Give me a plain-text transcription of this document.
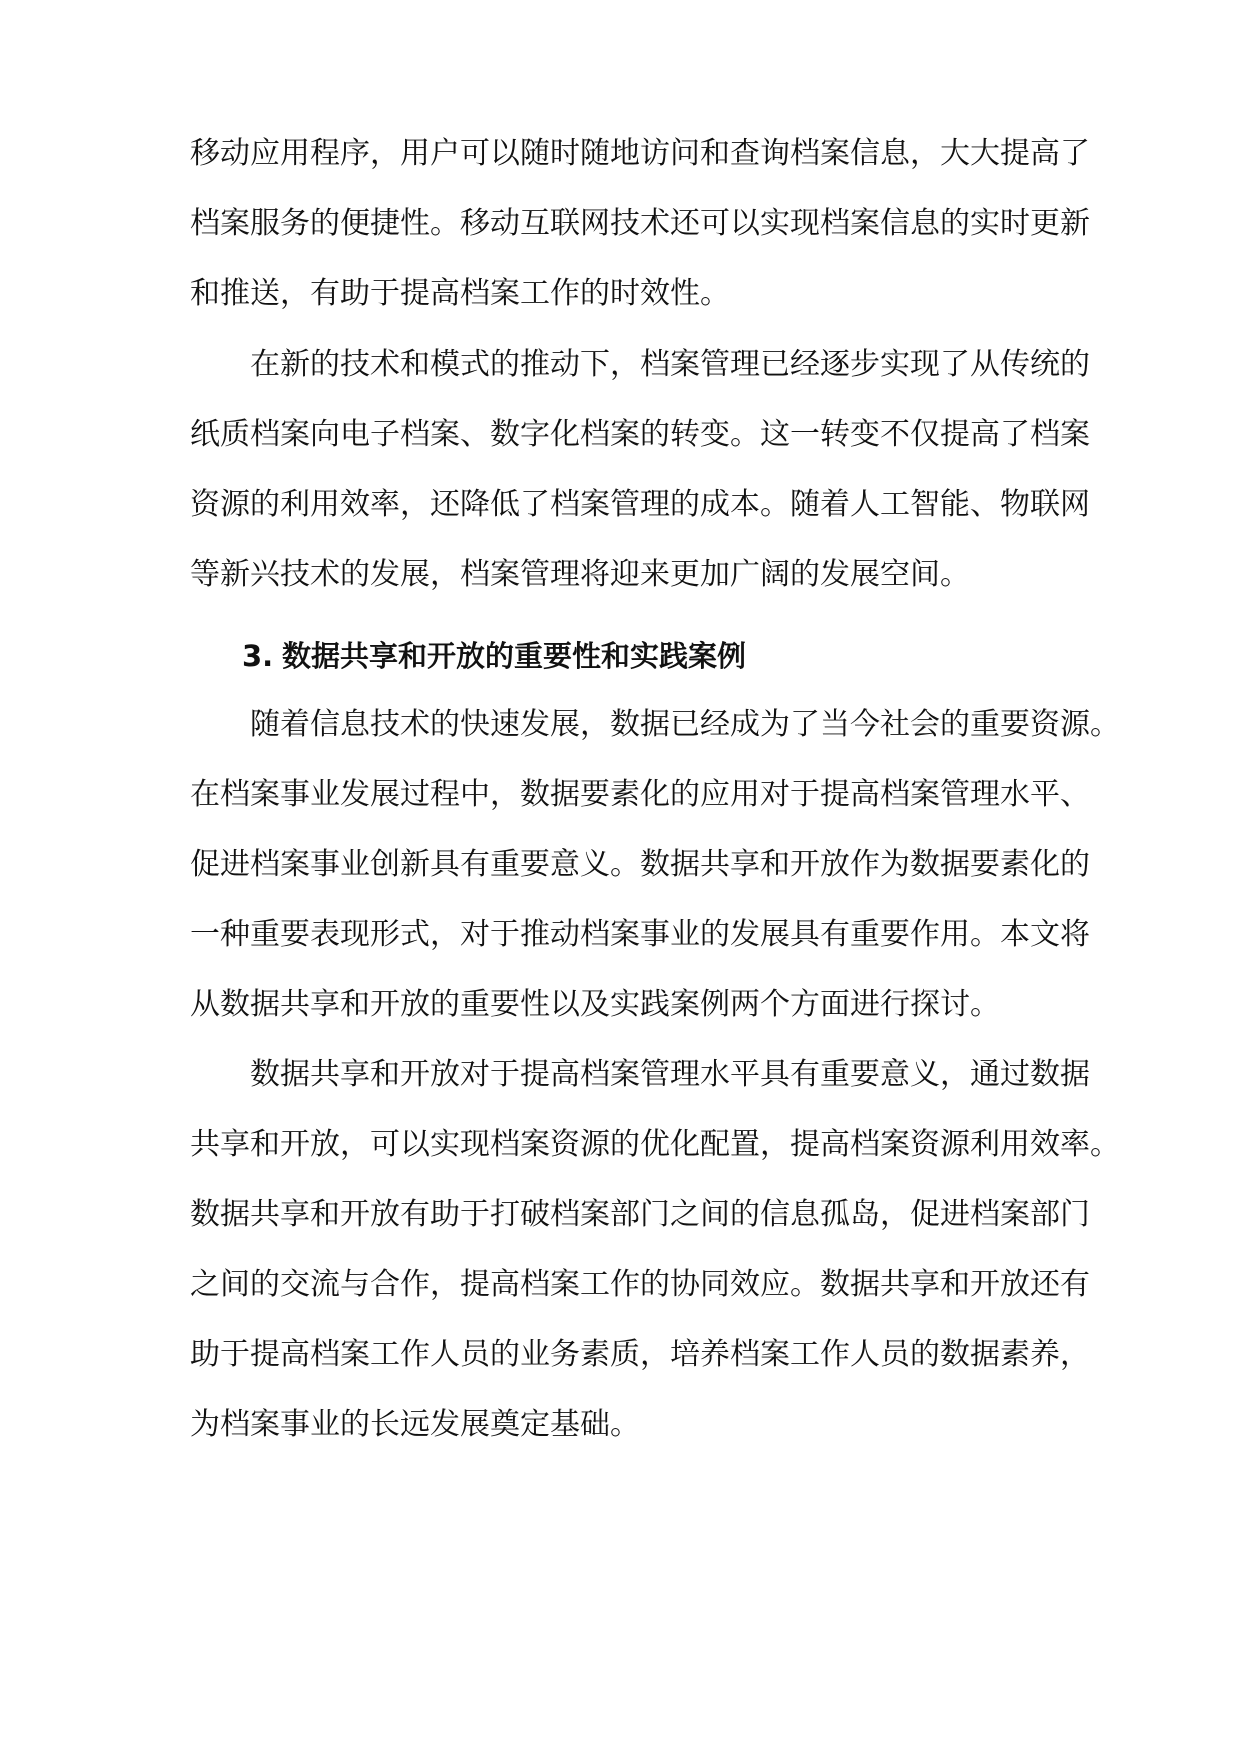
移动应用程序，用户可以随时随地访问和查询档案信息，大大提高了
档案服务的便捷性。移动互联网技术还可以实现档案信息的实时更新
和推送，有助于提高档案工作的时效性。
在新的技术和模式的推动下，档案管理已经逐步实现了从传统的
纸质档案向电子档案、数字化档案的转变。这一转变不仅提高了档案
资源的利用效率，还降低了档案管理的成本。随着人工智能、物联网
等新兴技术的发展，档案管理将迎来更加广阔的发展空间。
3. 数据共享和开放的重要性和实践案例
随着信息技术的快速发展，数据已经成为了当今社会的重要资源。
在档案事业发展过程中，数据要素化的应用对于提高档案管理水平、
促进档案事业创新具有重要意义。数据共享和开放作为数据要素化的
一种重要表现形式，对于推动档案事业的发展具有重要作用。本文将
从数据共享和开放的重要性以及实践案例两个方面进行探讨。
数据共享和开放对于提高档案管理水平具有重要意义，通过数据
共享和开放，可以实现档案资源的优化配置，提高档案资源利用效率。
数据共享和开放有助于打破档案部门之间的信息孤岛，促进档案部门
之间的交流与合作，提高档案工作的协同效应。数据共享和开放还有
助于提高档案工作人员的业务素质，培养档案工作人员的数据素养，
为档案事业的长远发展奠定基础。
